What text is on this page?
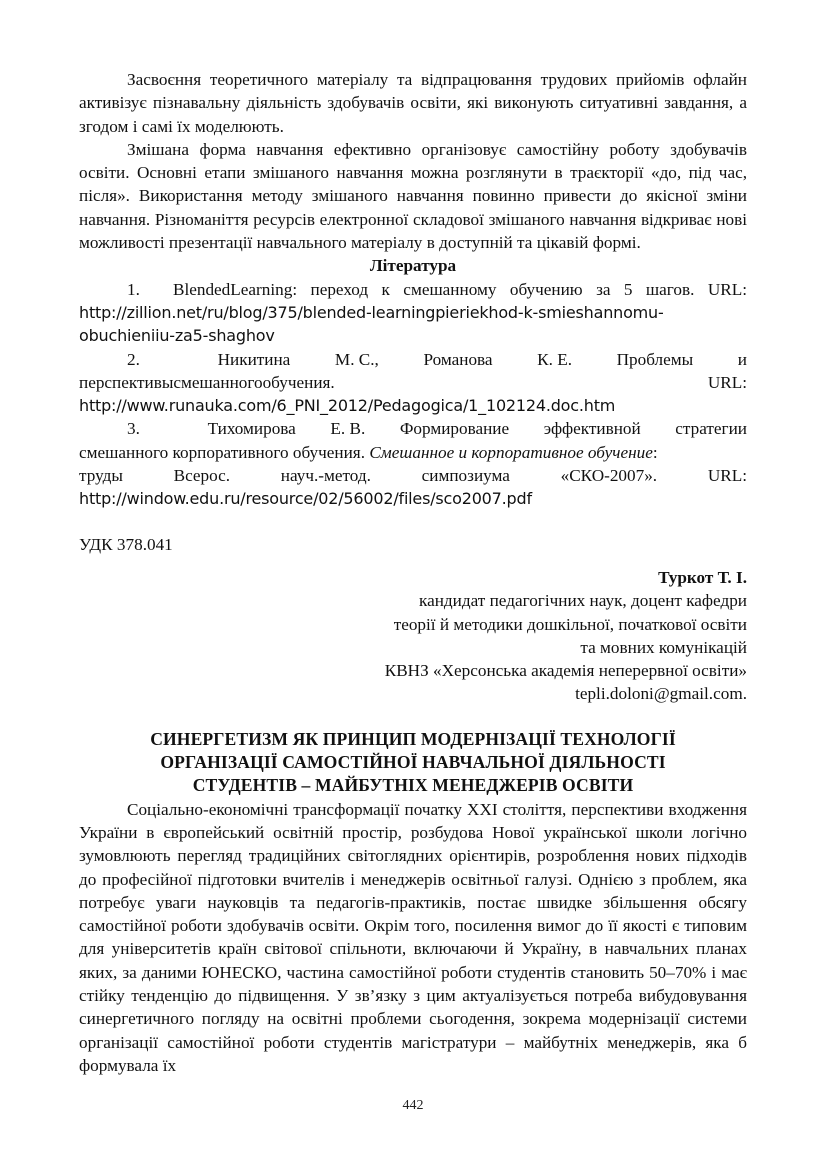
Засвоєння теоретичного матеріалу та відпрацювання трудових прийомів офлайн активізує пізнавальну діяльність здобувачів освіти, які виконують ситуативні завдання, а згодом і самі їх моделюють.

Змішана форма навчання ефективно організовує самостійну роботу здобувачів освіти. Основні етапи змішаного навчання можна розглянути в траєкторії «до, під час, після». Використання методу змішаного навчання повинно привести до якісної зміни навчання. Різноманіття ресурсів електронної складової змішаного навчання відкриває нові можливості презентації навчального матеріалу в доступній та цікавій формі.

Література

1.	BlendedLearning: переход к смешанному обучению за 5 шагов. URL:
http://zillion.net/ru/blog/375/blended-learningpieriekhod-k-smieshannomu-
obuchieniiu-za5-shaghov
2.	Никитина	М. С.,	Романова	К. Е.	Проблемы	и
перспективысмешанногообучения.	URL:
http://www.runauka.com/6_PNI_2012/Pedagogica/1_102124.doc.htm
3.	Тихомирова Е. В. Формирование эффективной стратегии
смешанного корпоративного обучения. Смешанное и корпоративное обучение:
труды	Всерос.	науч.-метод.	симпозиума	«СКО-2007».	URL:
http://window.edu.ru/resource/02/56002/files/sco2007.pdf

УДК 378.041

Туркот Т. І.

кандидат педагогічних наук, доцент кафедри

теорії й методики дошкільної, початкової освіти

та мовних комунікацій

КВНЗ «Херсонська академія неперервної освіти»

tepli.doloni@gmail.com.

СИНЕРГЕТИЗМ ЯК ПРИНЦИП МОДЕРНІЗАЦІЇ ТЕХНОЛОГІЇ

ОРГАНІЗАЦІЇ САМОСТІЙНОЇ НАВЧАЛЬНОЇ ДІЯЛЬНОСТІ

СТУДЕНТІВ – МАЙБУТНІХ МЕНЕДЖЕРІВ ОСВІТИ

Соціально-економічні трансформації початку XXI століття, перспективи входження України в європейський освітній простір, розбудова Нової української школи логічно зумовлюють перегляд традиційних світоглядних орієнтирів, розроблення нових підходів до професійної підготовки вчителів і менеджерів освітньої галузі. Однією з проблем, яка потребує уваги науковців та педагогів-практиків, постає швидке збільшення обсягу самостійної роботи здобувачів освіти. Окрім того, посилення вимог до її якості є типовим для університетів країн світової спільноти, включаючи й Україну, в навчальних планах яких, за даними ЮНЕСКО, частина самостійної роботи студентів становить 50–70% і має стійку тенденцію до підвищення. У зв’язку з цим актуалізується потреба вибудовування синергетичного погляду на освітні проблеми сьогодення, зокрема модернізації системи організації самостійної роботи студентів магістратури – майбутніх менеджерів, яка б формувала їх

442
